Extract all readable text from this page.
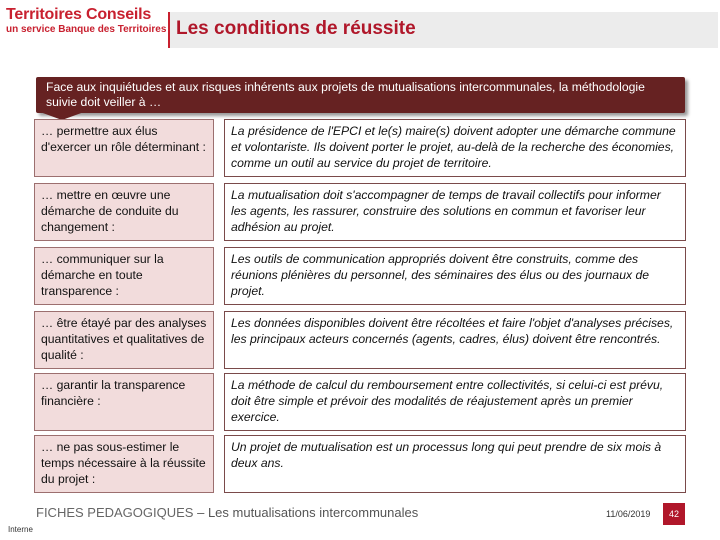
Territoires Conseils
un service Banque des Territoires Les conditions de réussite
Face aux inquiétudes et aux risques inhérents aux projets de mutualisations intercommunales, la méthodologie suivie doit veiller à …
… permettre aux élus d'exercer un rôle déterminant :
La présidence de l'EPCI et le(s) maire(s) doivent adopter une démarche commune et volontariste. Ils doivent porter le projet, au-delà de la recherche des économies, comme un outil au service du projet de territoire.
… mettre en œuvre une démarche de conduite du changement :
La mutualisation doit s'accompagner de temps de travail collectifs pour informer les agents, les rassurer, construire des solutions en commun et favoriser leur adhésion au projet.
… communiquer sur la démarche en toute transparence :
Les outils de communication appropriés doivent être construits, comme des réunions plénières du personnel, des séminaires des élus ou des journaux de projet.
… être étayé par des analyses quantitatives et qualitatives de qualité :
Les données disponibles doivent être récoltées et faire l'objet d'analyses précises, les principaux acteurs concernés (agents, cadres, élus) doivent être rencontrés.
… garantir la transparence financière :
La méthode de calcul du remboursement entre collectivités, si celui-ci est prévu, doit être simple et prévoir des modalités de réajustement après un premier exercice.
… ne pas sous-estimer le temps nécessaire à la réussite du projet :
Un projet de mutualisation est un processus long qui peut prendre de six mois à deux ans.
FICHES PEDAGOGIQUES – Les mutualisations intercommunales	11/06/2019	42
Interne
